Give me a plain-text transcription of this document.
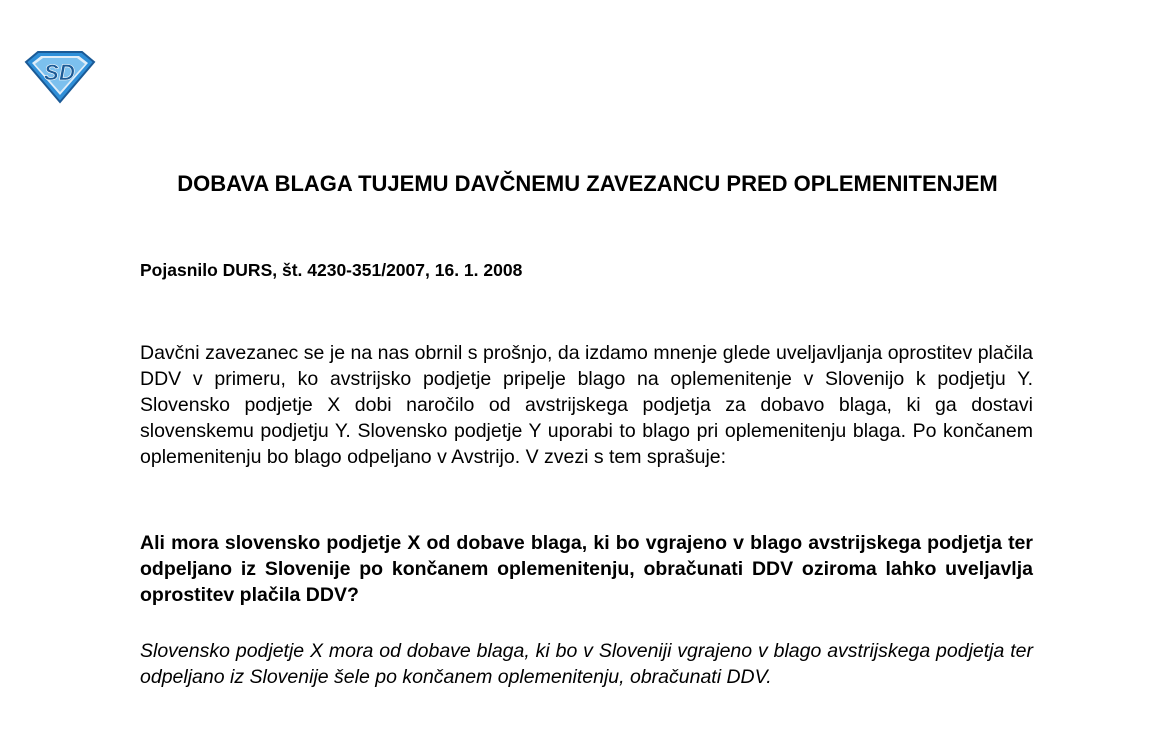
S D
DOBAVA BLAGA TUJEMU DAVČNEMU ZAVEZANCU PRED OPLEMENITENJEM

Pojasnilo DURS, št. 4230-351/2007, 16. 1. 2008

Davčni zavezanec se je na nas obrnil s prošnjo, da izdamo mnenje glede uveljavljanja oprostitev plačila DDV v primeru, ko avstrijsko podjetje pripelje blago na oplemenitenje v Slovenijo k podjetju Y. Slovensko podjetje X dobi naročilo od avstrijskega podjetja za dobavo blaga, ki ga dostavi slovenskemu podjetju Y. Slovensko podjetje Y uporabi to blago pri oplemenitenju blaga. Po končanem oplemenitenju bo blago odpeljano v Avstrijo. V zvezi s tem sprašuje:

Ali mora slovensko podjetje X od dobave blaga, ki bo vgrajeno v blago avstrijskega podjetja ter odpeljano iz Slovenije po končanem oplemenitenju, obračunati DDV oziroma lahko uveljavlja oprostitev plačila DDV?

Slovensko podjetje X mora od dobave blaga, ki bo v Sloveniji vgrajeno v blago avstrijskega podjetja ter odpeljano iz Slovenije šele po končanem oplemenitenju, obračunati DDV.
